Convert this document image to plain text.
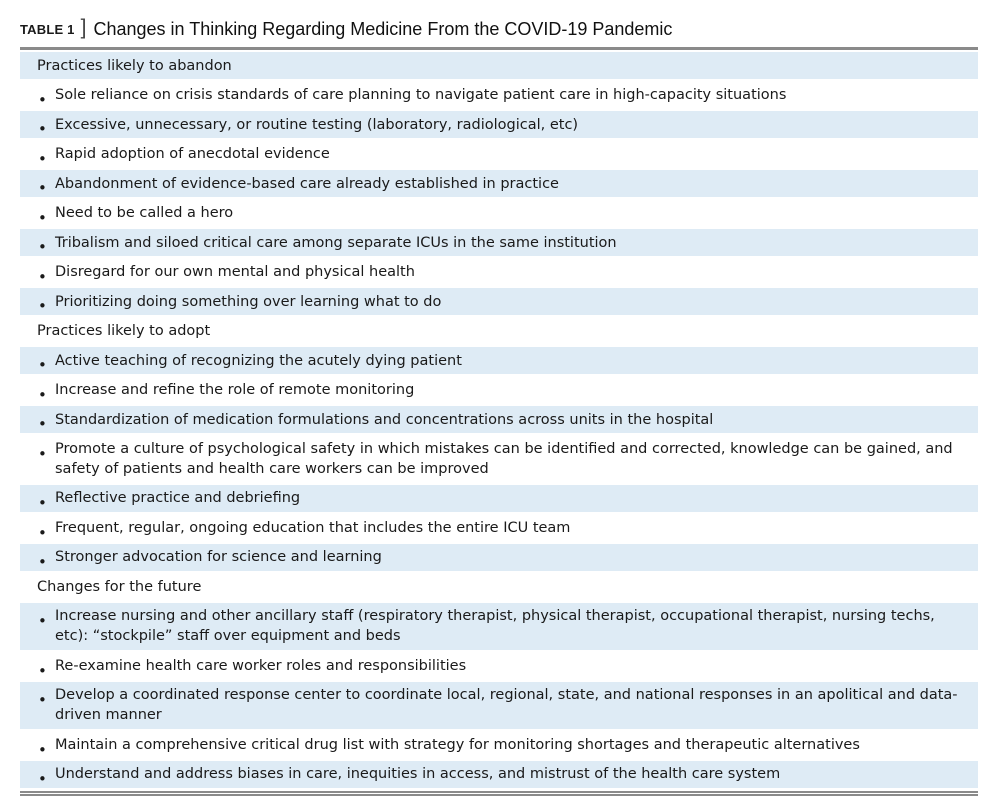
TABLE 1 ] Changes in Thinking Regarding Medicine From the COVID-19 Pandemic
Practices likely to abandon
• Sole reliance on crisis standards of care planning to navigate patient care in high-capacity situations
• Excessive, unnecessary, or routine testing (laboratory, radiological, etc)
• Rapid adoption of anecdotal evidence
• Abandonment of evidence-based care already established in practice
• Need to be called a hero
• Tribalism and siloed critical care among separate ICUs in the same institution
• Disregard for our own mental and physical health
• Prioritizing doing something over learning what to do
Practices likely to adopt
• Active teaching of recognizing the acutely dying patient
• Increase and refine the role of remote monitoring
• Standardization of medication formulations and concentrations across units in the hospital
• Promote a culture of psychological safety in which mistakes can be identified and corrected, knowledge can be gained, and safety of patients and health care workers can be improved
• Reflective practice and debriefing
• Frequent, regular, ongoing education that includes the entire ICU team
• Stronger advocation for science and learning
Changes for the future
• Increase nursing and other ancillary staff (respiratory therapist, physical therapist, occupational therapist, nursing techs, etc): “stockpile” staff over equipment and beds
• Re-examine health care worker roles and responsibilities
• Develop a coordinated response center to coordinate local, regional, state, and national responses in an apolitical and data-driven manner
• Maintain a comprehensive critical drug list with strategy for monitoring shortages and therapeutic alternatives
• Understand and address biases in care, inequities in access, and mistrust of the health care system
